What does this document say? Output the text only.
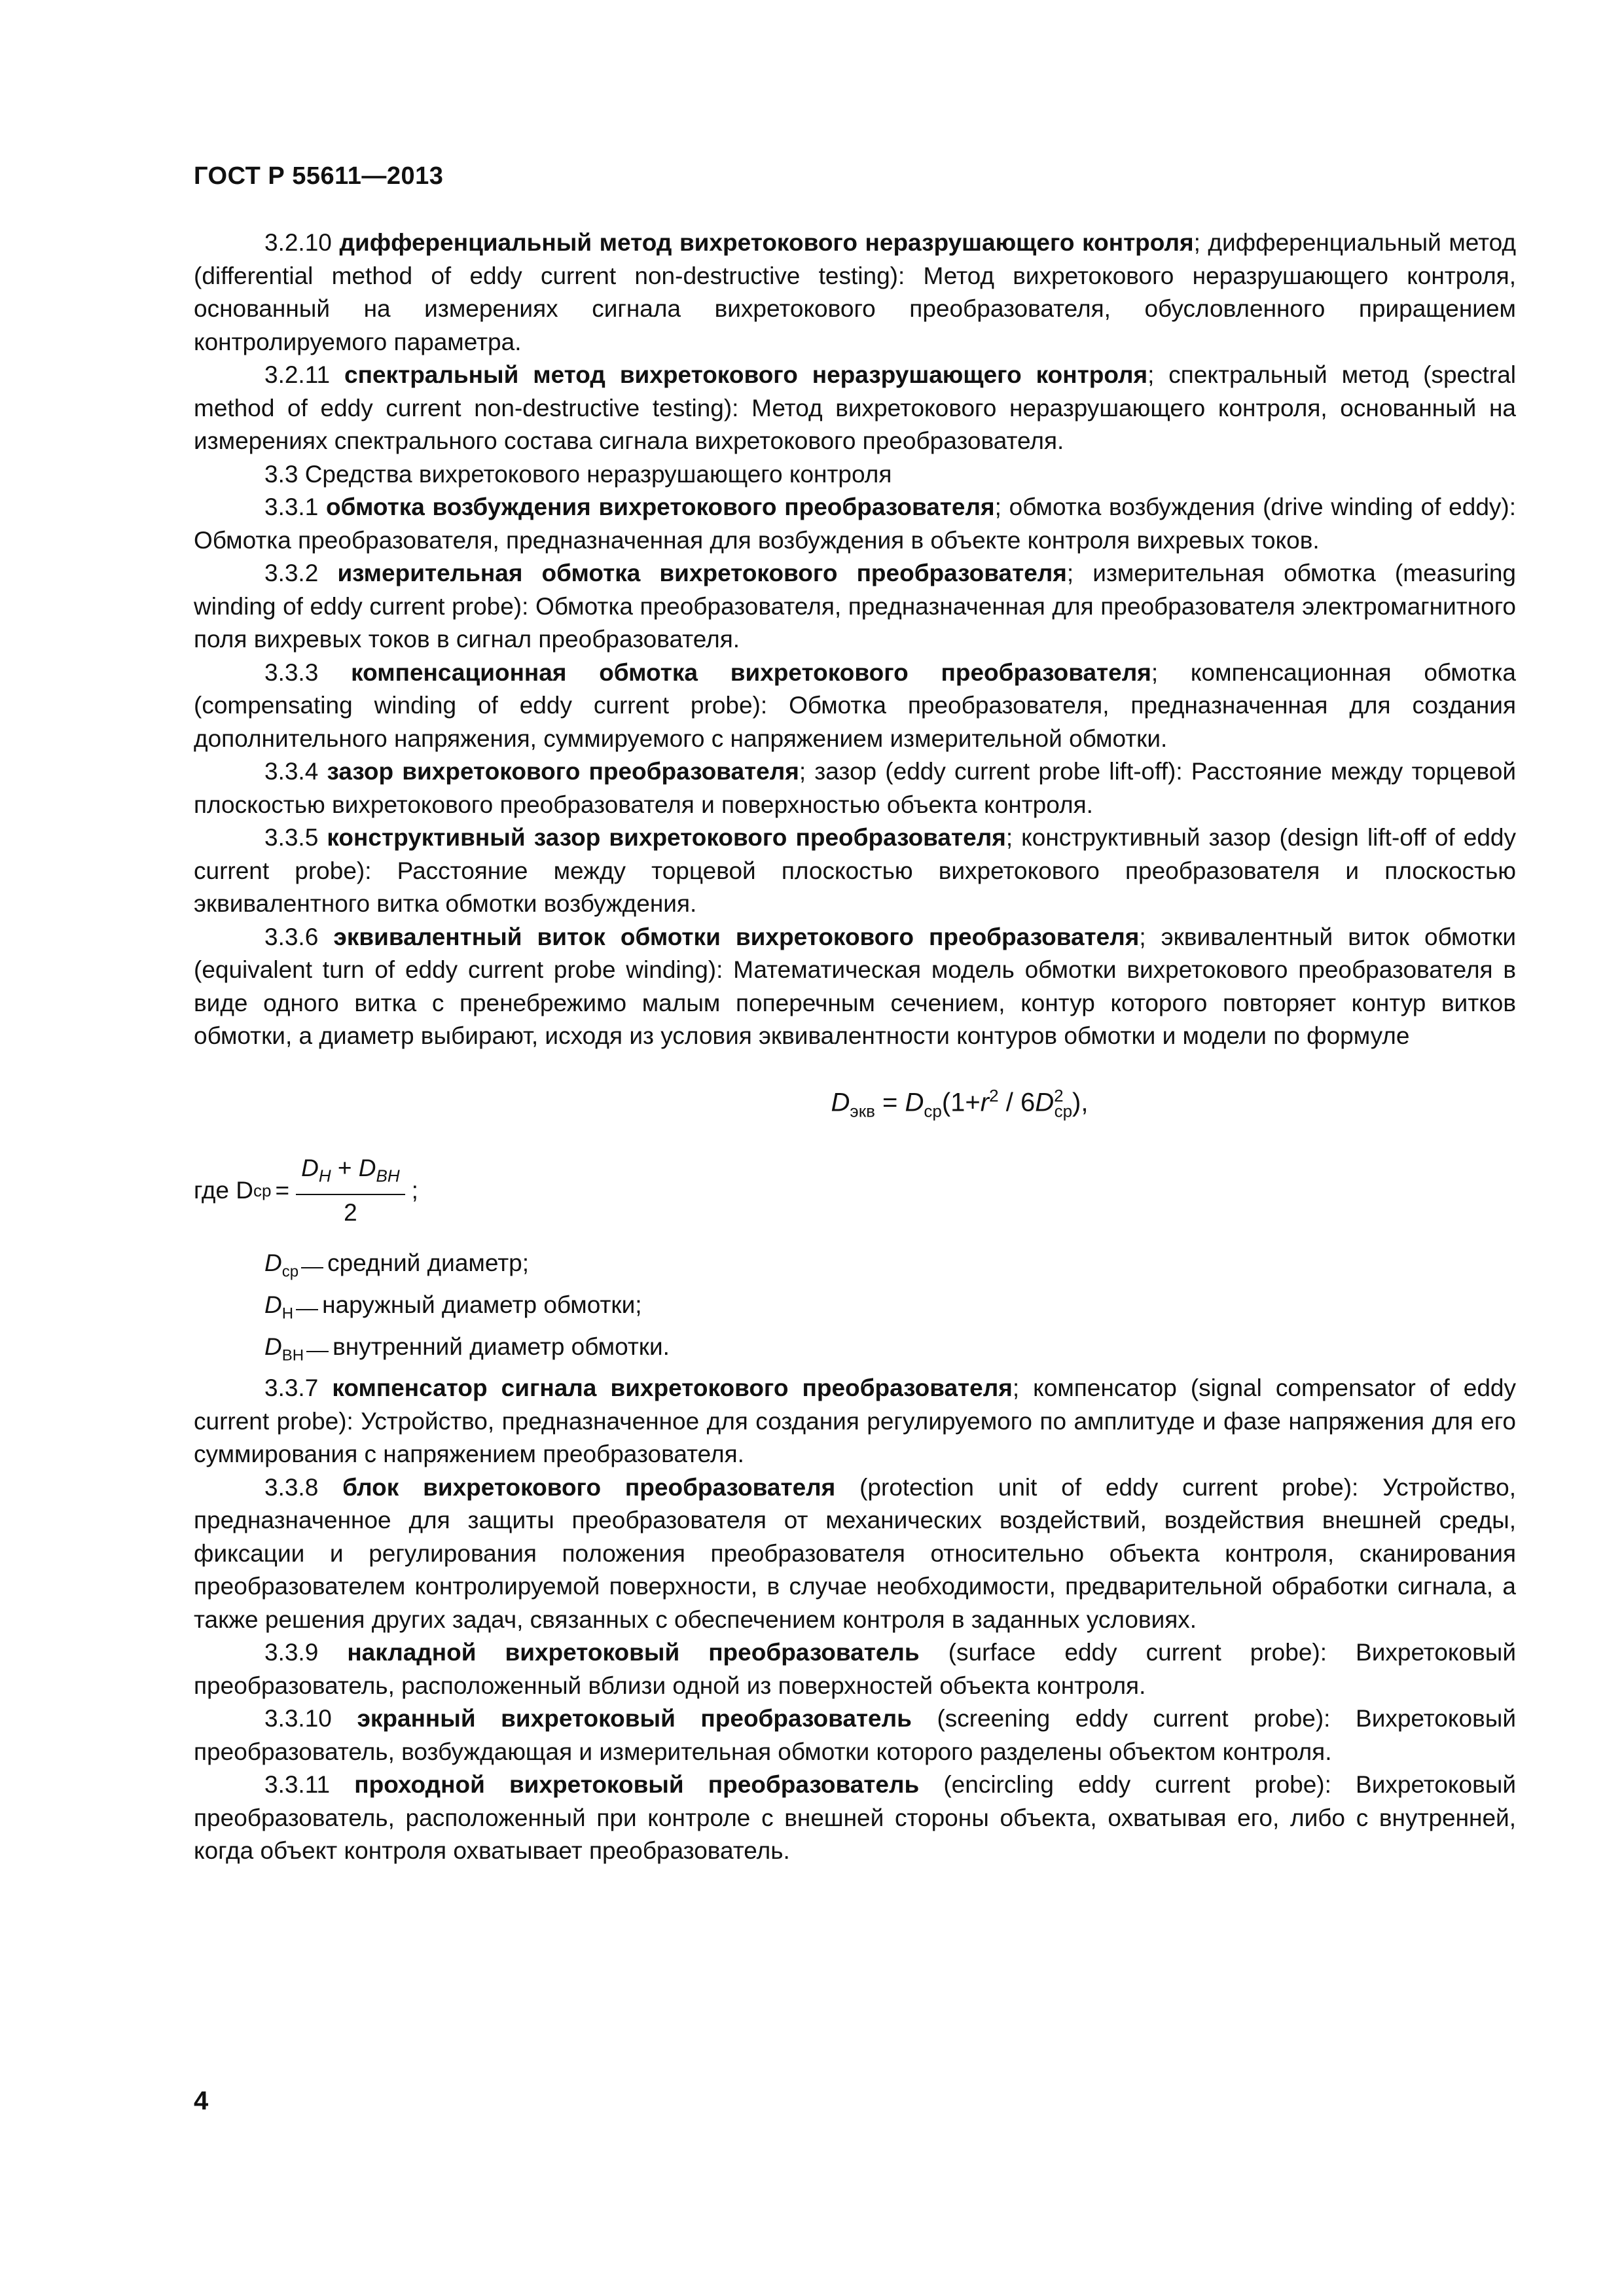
ГОСТ Р 55611—2013

3.2.10 дифференциальный метод вихретокового неразрушающего контроля; дифференциальный метод (differential method of eddy current non-destructive testing): Метод вихретокового неразрушающего контроля, основанный на измерениях сигнала вихретокового преобразователя, обусловленного приращением контролируемого параметра.

3.2.11 спектральный метод вихретокового неразрушающего контроля; спектральный метод (spectral method of eddy current non-destructive testing): Метод вихретокового неразрушающего контроля, основанный на измерениях спектрального состава сигнала вихретокового преобразователя.

3.3 Средства вихретокового неразрушающего контроля

3.3.1 обмотка возбуждения вихретокового преобразователя; обмотка возбуждения (drive winding of eddy): Обмотка преобразователя, предназначенная для возбуждения в объекте контроля вихревых токов.

3.3.2 измерительная обмотка вихретокового преобразователя; измерительная обмотка (measuring winding of eddy current probe): Обмотка преобразователя, предназначенная для преобразователя электромагнитного поля вихревых токов в сигнал преобразователя.

3.3.3 компенсационная обмотка вихретокового преобразователя; компенсационная обмотка (compensating winding of eddy current probe): Обмотка преобразователя, предназначенная для создания дополнительного напряжения, суммируемого с напряжением измерительной обмотки.

3.3.4 зазор вихретокового преобразователя; зазор (eddy current probe lift-off): Расстояние между торцевой плоскостью вихретокового преобразователя и поверхностью объекта контроля.

3.3.5 конструктивный зазор вихретокового преобразователя; конструктивный зазор (design lift-off of eddy current probe): Расстояние между торцевой плоскостью вихретокового преобразователя и плоскостью эквивалентного витка обмотки возбуждения.

3.3.6 эквивалентный виток обмотки вихретокового преобразователя; эквивалентный виток обмотки (equivalent turn of eddy current probe winding): Математическая модель обмотки вихретокового преобразователя в виде одного витка с пренебрежимо малым поперечным сечением, контур которого повторяет контур витков обмотки, а диаметр выбирают, исходя из условия эквивалентности контуров обмотки и модели по формуле

$D_{экв} = D_{ср}(1+r^2 / 6D^2_{ср})$,
где D ср = $\frac{D_H + D_{BH}}{2}$ ;

$D_{ср}$ средний диаметр;

$D_Н$ наружный диаметр обмотки;

$D_{ВН}$ внутренний диаметр обмотки.

3.3.7 компенсатор сигнала вихретокового преобразователя; компенсатор (signal compensator of eddy current probe): Устройство, предназначенное для создания регулируемого по амплитуде и фазе напряжения для его суммирования с напряжением преобразователя.

3.3.8 блок вихретокового преобразователя (protection unit of eddy current probe): Устройство, предназначенное для защиты преобразователя от механических воздействий, воздействия внешней среды, фиксации и регулирования положения преобразователя относительно объекта контроля, сканирования преобразователем контролируемой поверхности, в случае необходимости, предварительной обработки сигнала, а также решения других задач, связанных с обеспечением контроля в заданных условиях.

3.3.9 накладной вихретоковый преобразователь (surface eddy current probe): Вихретоковый преобразователь, расположенный вблизи одной из поверхностей объекта контроля.

3.3.10 экранный вихретоковый преобразователь (screening eddy current probe): Вихретоковый преобразователь, возбуждающая и измерительная обмотки которого разделены объектом контроля.

3.3.11 проходной вихретоковый преобразователь (encircling eddy current probe): Вихретоковый преобразователь, расположенный при контроле с внешней стороны объекта, охватывая его, либо с внутренней, когда объект контроля охватывает преобразователь.

4
